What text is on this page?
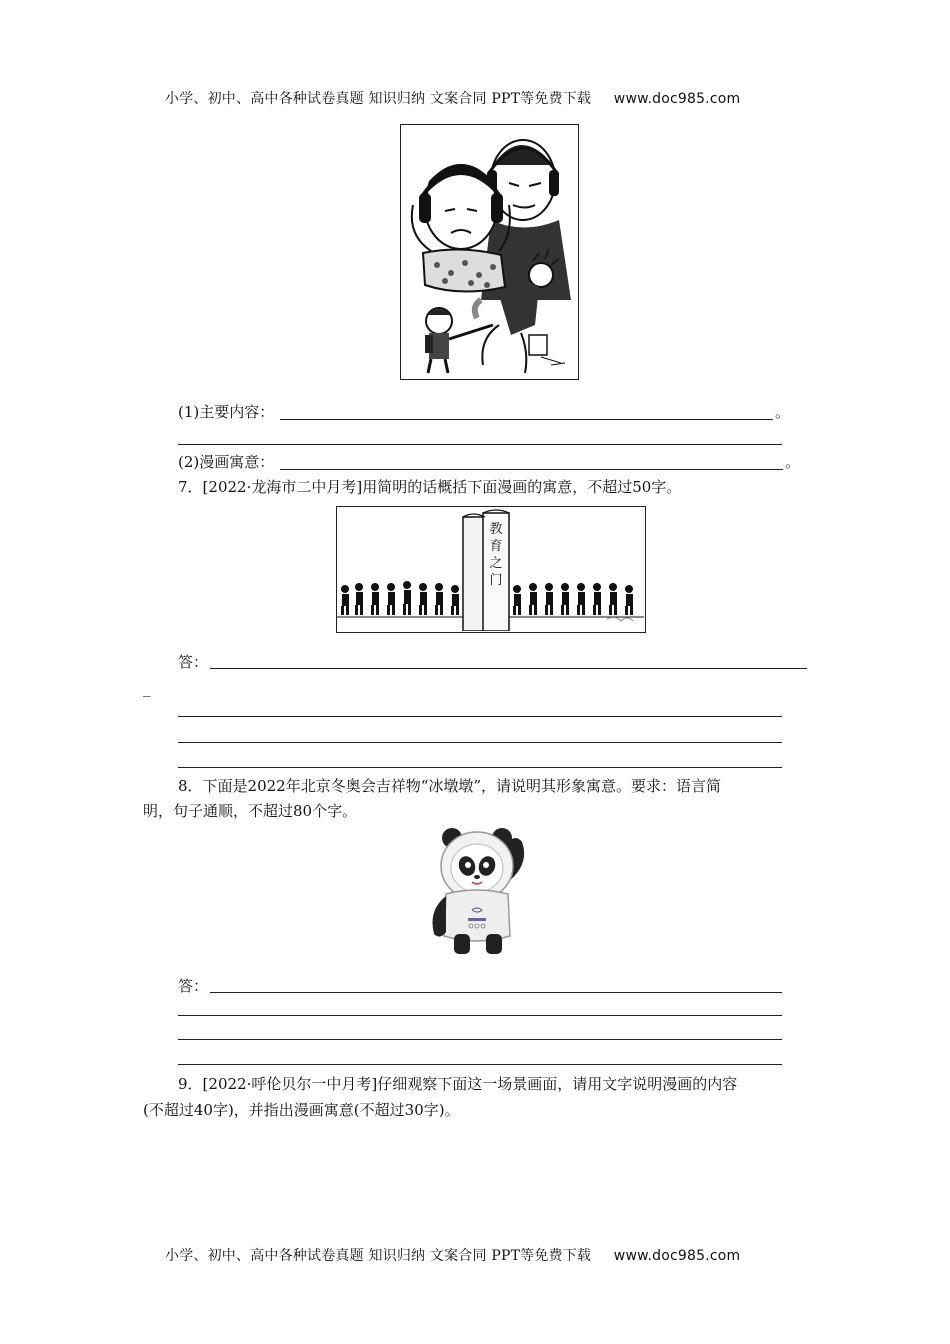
小学、初中、高中各种试卷真题 知识归纳 文案合同 PPT等免费下载 www.doc985.com
(1)主要内容：	。
(2)漫画寓意：	。
7．[2022·龙海市二中月考]用简明的话概括下面漫画的寓意，不超过50字。
教
育
之
门
答：
_
8．下面是2022年北京冬奥会吉祥物“冰墩墩”，请说明其形象寓意。要求：语言简
明，句子通顺，不超过80个字。
答：
9．[2022·呼伦贝尔一中月考]仔细观察下面这一场景画面，请用文字说明漫画的内容
(不超过40字)，并指出漫画寓意(不超过30字)。
小学、初中、高中各种试卷真题 知识归纳 文案合同 PPT等免费下载 www.doc985.com
